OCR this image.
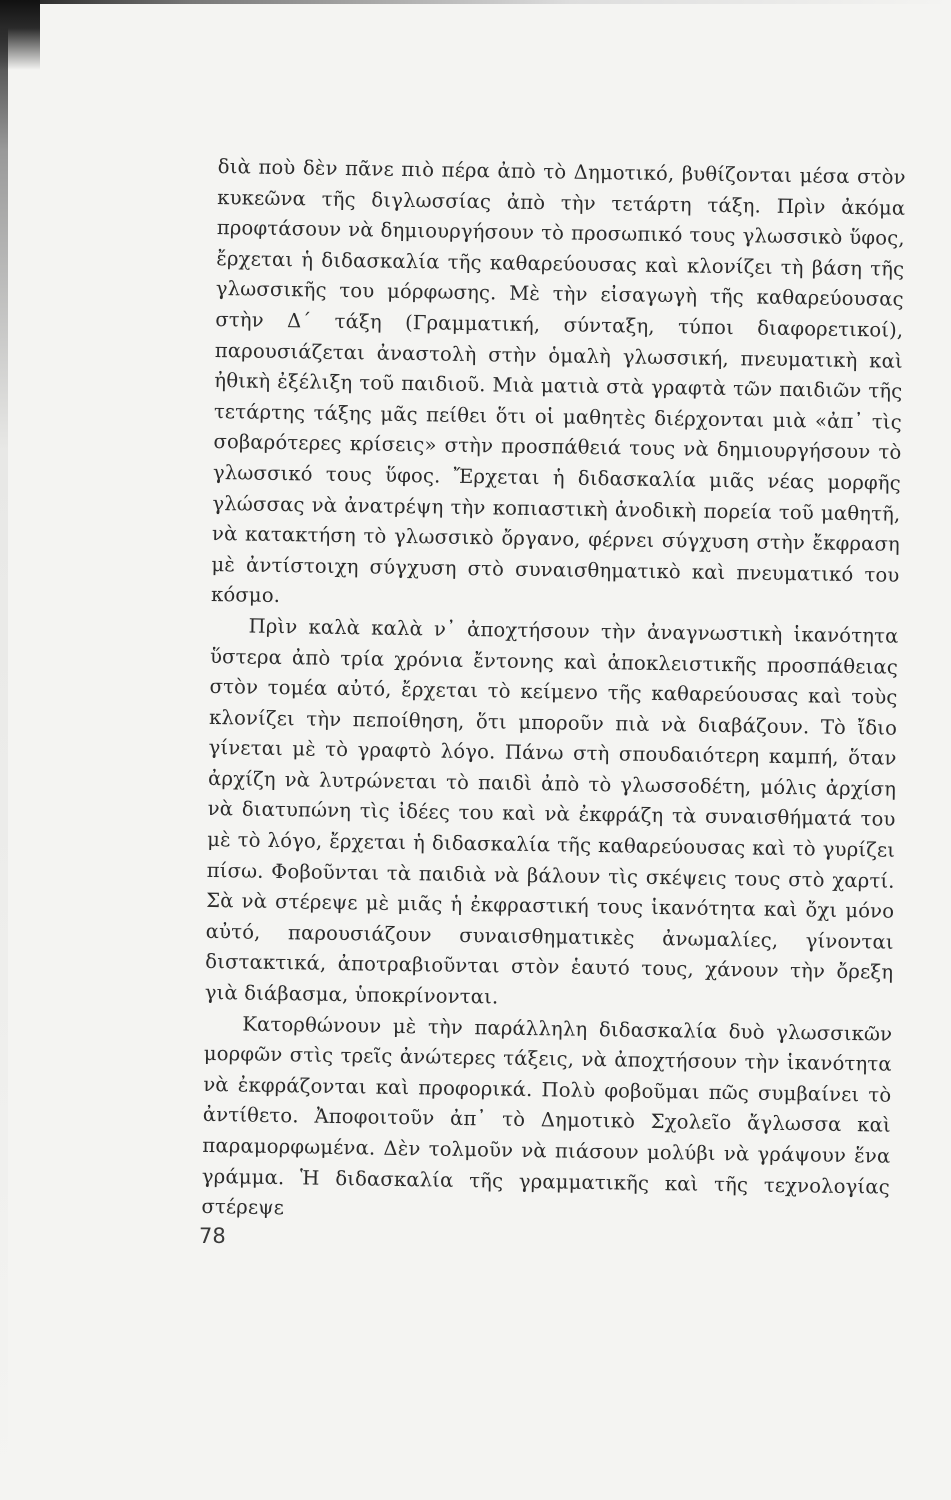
διὰ ποὺ δὲν πᾶνε πιὸ πέρα ἀπὸ τὸ Δημοτικό, βυθίζονται μέσα στὸν κυκεῶνα τῆς διγλωσσίας ἀπὸ τὴν τετάρτη τάξη. Πρὶν ἀκόμα προφτάσουν νὰ δημιουργήσουν τὸ προσωπικό τους γλωσσικὸ ὕφος, ἔρχεται ἡ διδασκαλία τῆς καθαρεύουσας καὶ κλονίζει τὴ βάση τῆς γλωσσικῆς του μόρφωσης. Μὲ τὴν εἰσαγωγὴ τῆς καθαρεύουσας στὴν Δ΄ τάξη (Γραμματική, σύνταξη, τύποι διαφορετικοί), παρουσιάζεται ἀναστολὴ στὴν ὁμαλὴ γλωσσική, πνευματικὴ καὶ ἠθικὴ ἐξέλιξη τοῦ παιδιοῦ. Μιὰ ματιὰ στὰ γραφτὰ τῶν παιδιῶν τῆς τετάρτης τάξης μᾶς πείθει ὅτι οἱ μαθητὲς διέρχονται μιὰ «ἀπ᾿ τὶς σοβαρότερες κρίσεις» στὴν προσπάθειά τους νὰ δημιουργήσουν τὸ γλωσσικό τους ὕφος. Ἔρχεται ἡ διδασκαλία μιᾶς νέας μορφῆς γλώσσας νὰ ἀνατρέψη τὴν κοπιαστικὴ ἀνοδικὴ πορεία τοῦ μαθητῆ, νὰ κατακτήση τὸ γλωσσικὸ ὄργανο, φέρνει σύγχυση στὴν ἔκφραση μὲ ἀντίστοιχη σύγχυση στὸ συναισθηματικὸ καὶ πνευματικό του κόσμο.

Πρὶν καλὰ καλὰ ν᾿ ἀποχτήσουν τὴν ἀναγνωστικὴ ἱκανότητα ὕστερα ἀπὸ τρία χρόνια ἔντονης καὶ ἀποκλειστικῆς προσπάθειας στὸν τομέα αὐτό, ἔρχεται τὸ κείμενο τῆς καθαρεύουσας καὶ τοὺς κλονίζει τὴν πεποίθηση, ὅτι μποροῦν πιὰ νὰ διαβάζουν. Τὸ ἴδιο γίνεται μὲ τὸ γραφτὸ λόγο. Πάνω στὴ σπουδαιότερη καμπή, ὅταν ἀρχίζη νὰ λυτρώνεται τὸ παιδὶ ἀπὸ τὸ γλωσσοδέτη, μόλις ἀρχίση νὰ διατυπώνη τὶς ἰδέες του καὶ νὰ ἐκφράζη τὰ συναισθήματά του μὲ τὸ λόγο, ἔρχεται ἡ διδασκαλία τῆς καθαρεύουσας καὶ τὸ γυρίζει πίσω. Φοβοῦνται τὰ παιδιὰ νὰ βάλουν τὶς σκέψεις τους στὸ χαρτί. Σὰ νὰ στέρεψε μὲ μιᾶς ἡ ἐκφραστική τους ἱκανότητα καὶ ὄχι μόνο αὐτό, παρουσιάζουν συναισθηματικὲς ἀνωμαλίες, γίνονται διστακτικά, ἀποτραβιοῦνται στὸν ἑαυτό τους, χάνουν τὴν ὄρεξη γιὰ διάβασμα, ὑποκρίνονται.

Κατορθώνουν μὲ τὴν παράλληλη διδασκαλία δυὸ γλωσσικῶν μορφῶν στὶς τρεῖς ἀνώτερες τάξεις, νὰ ἀποχτήσουν τὴν ἱκανότητα νὰ ἐκφράζονται καὶ προφορικά. Πολὺ φοβοῦμαι πῶς συμβαίνει τὸ ἀντίθετο. Ἀποφοιτοῦν ἀπ᾿ τὸ Δημοτικὸ Σχολεῖο ἄγλωσσα καὶ παραμορφωμένα. Δὲν τολμοῦν νὰ πιάσουν μολύβι νὰ γράψουν ἕνα γράμμα. Ἡ διδασκαλία τῆς γραμματικῆς καὶ τῆς τεχνολογίας στέρεψε

78
